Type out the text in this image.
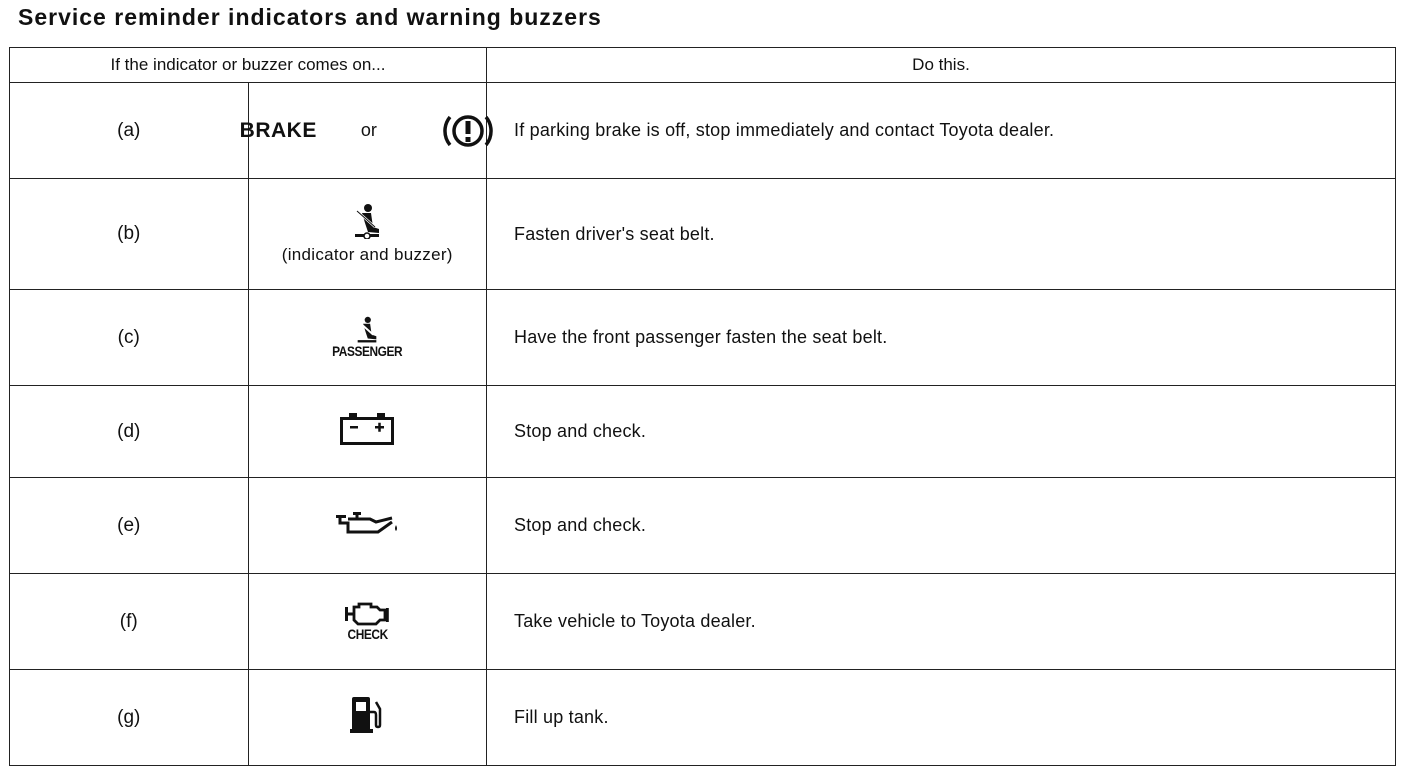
Service reminder indicators and warning buzzers
If the indicator or buzzer comes on...		Do this.
(a)	BRAKE or	If parking brake is off, stop immediately and contact Toyota dealer.
(b)	(indicator and buzzer)	Fasten driver's seat belt.
(c)	PASSENGER	Have the front passenger fasten the seat belt.
(d)		Stop and check.
(e)		Stop and check.
(f)	CHECK	Take vehicle to Toyota dealer.
(g)		Fill up tank.
